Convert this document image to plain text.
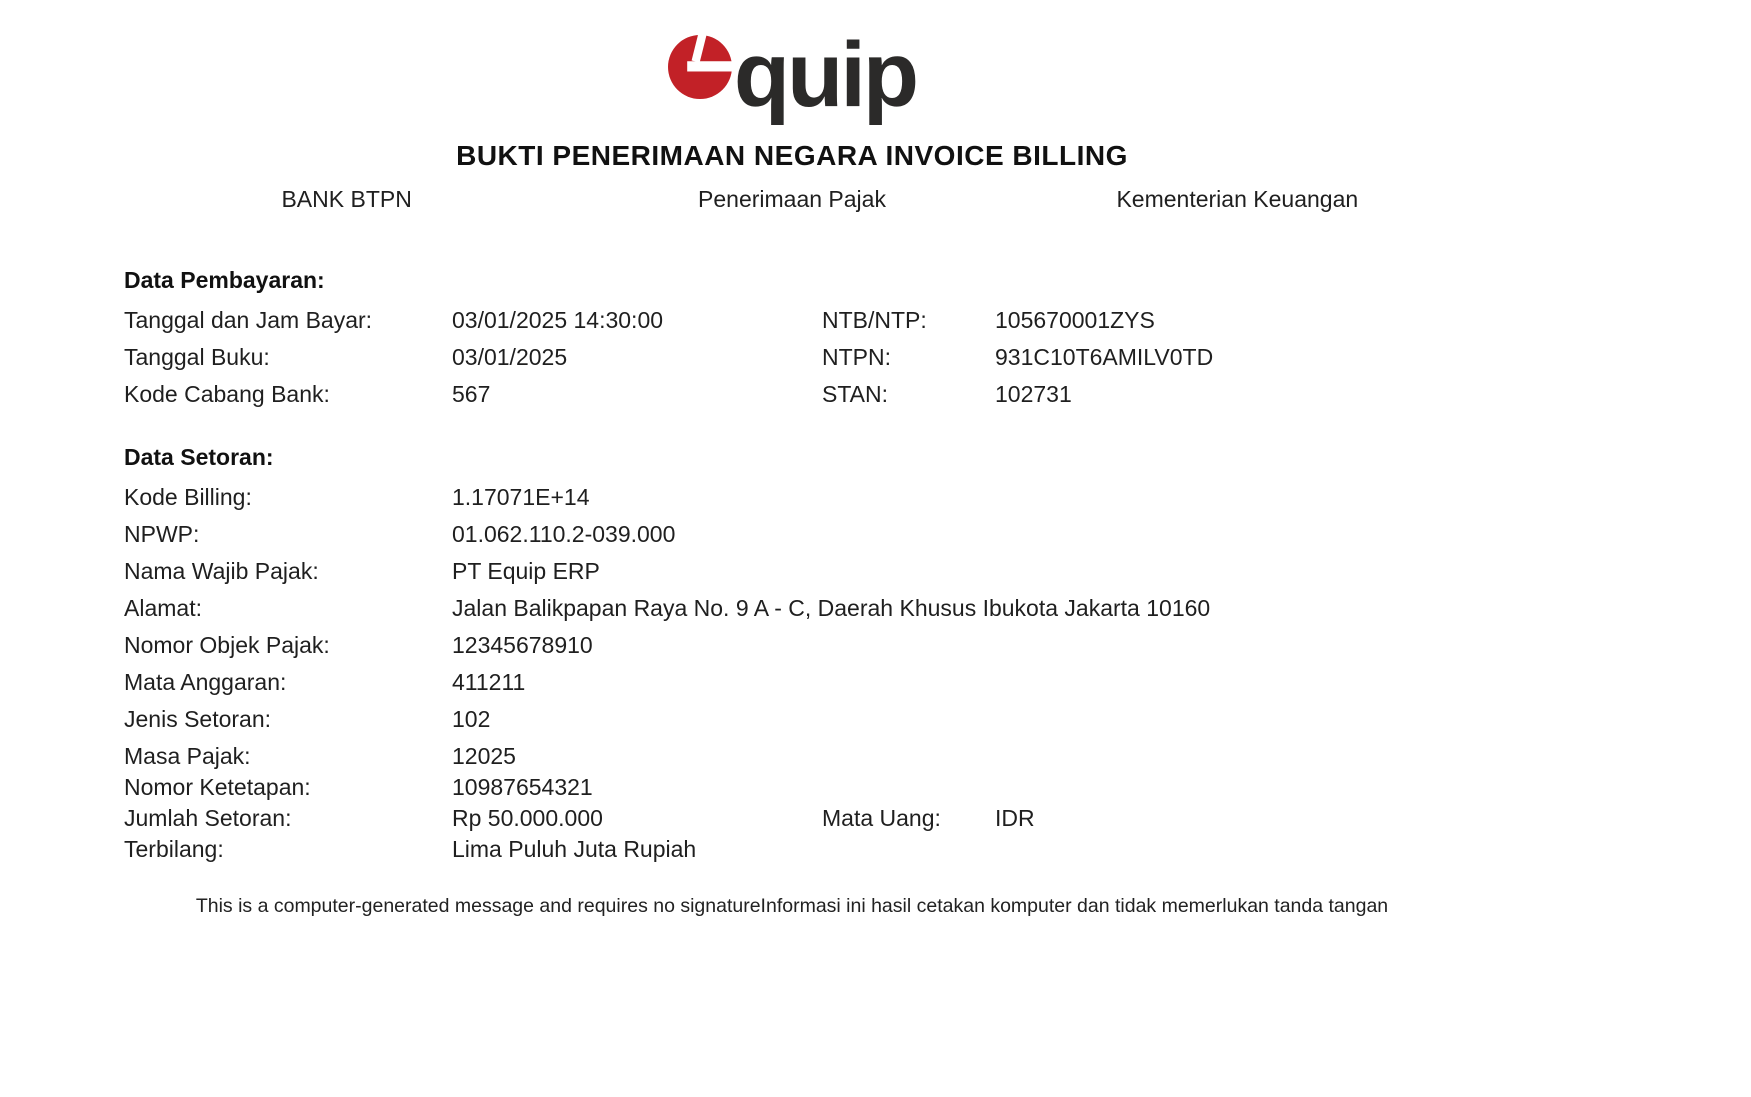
quip
BUKTI PENERIMAAN NEGARA INVOICE BILLING
BANK BTPN	Penerimaan Pajak	Kementerian Keuangan
Data Pembayaran:
Tanggal dan Jam Bayar:	03/01/2025 14:30:00	NTB/NTP:	105670001ZYS
Tanggal Buku:	03/01/2025	NTPN:	931C10T6AMILV0TD
Kode Cabang Bank:	567	STAN:	102731
Data Setoran:
Kode Billing:	1.17071E+14
NPWP:	01.062.110.2-039.000
Nama Wajib Pajak:	PT Equip ERP
Alamat:	Jalan Balikpapan Raya No. 9 A - C, Daerah Khusus Ibukota Jakarta 10160
Nomor Objek Pajak:	12345678910
Mata Anggaran:	411211
Jenis Setoran:	102
Masa Pajak:	12025
Nomor Ketetapan:	10987654321
Jumlah Setoran:	Rp 50.000.000	Mata Uang:	IDR
Terbilang:	Lima Puluh Juta Rupiah
This is a computer-generated message and requires no signatureInformasi ini hasil cetakan komputer dan tidak memerlukan tanda tangan
